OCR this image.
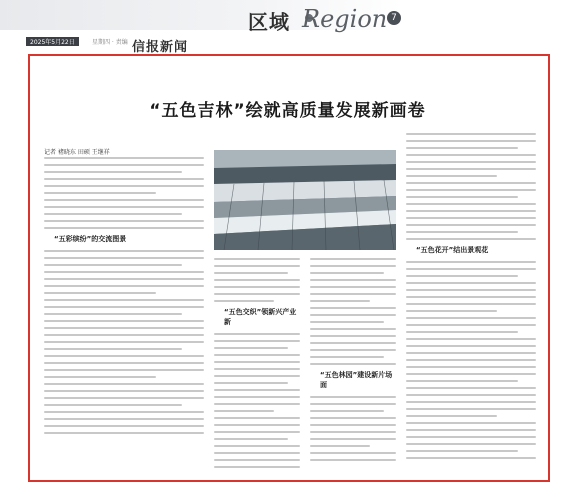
区域 Region 7
2025年5月22日	星期四 · 责编 信报新闻
“五色吉林”绘就高质量发展新画卷
记者 褚晓东 田硕 王继祥
“五彩缤纷”的交流图景
“五色交织”领新兴产业新
“五色林园”建设新片场面
“五色花开”结出景观花
